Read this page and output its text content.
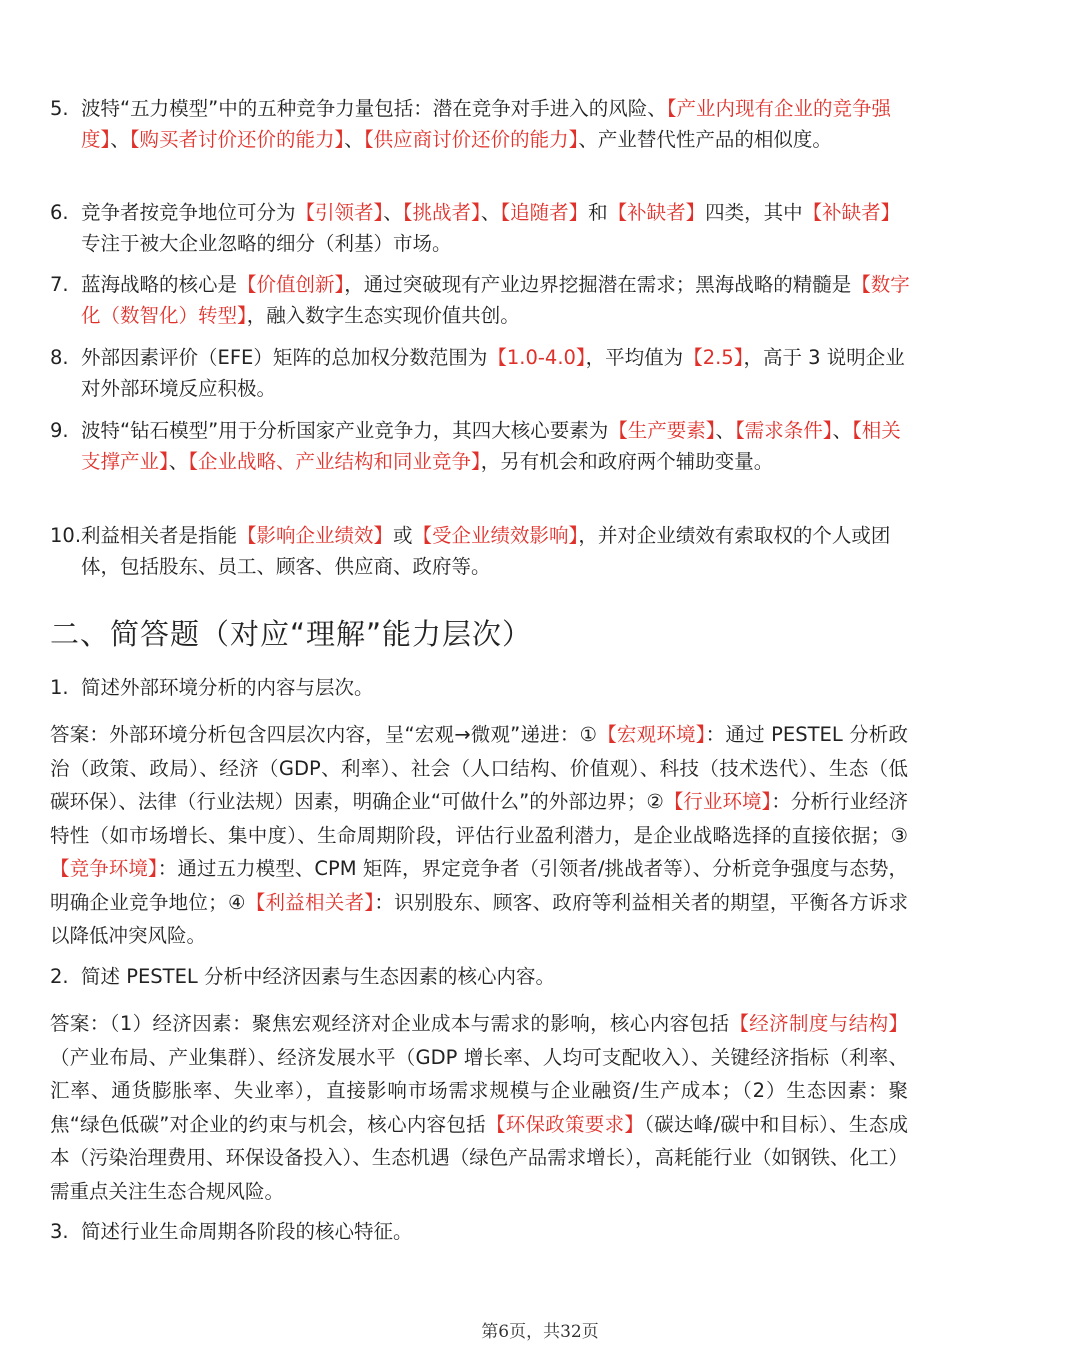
5. 波特“五力模型”中的五种竞争力量包括：潜在竞争对手进入的风险、【产业内现有企业的竞争强度】、【购买者讨价还价的能力】、【供应商讨价还价的能力】、产业替代性产品的相似度。
6. 竞争者按竞争地位可分为【引领者】、【挑战者】、【追随者】和【补缺者】四类，其中【补缺者】专注于被大企业忽略的细分（利基）市场。
7. 蓝海战略的核心是【价值创新】，通过突破现有产业边界挖掘潜在需求；黑海战略的精髓是【数字化（数智化）转型】，融入数字生态实现价值共创。
8. 外部因素评价（EFE）矩阵的总加权分数范围为【1.0-4.0】，平均值为【2.5】，高于 3 说明企业对外部环境反应积极。
9. 波特“钻石模型”用于分析国家产业竞争力，其四大核心要素为【生产要素】、【需求条件】、【相关支撑产业】、【企业战略、产业结构和同业竞争】，另有机会和政府两个辅助变量。
10. 利益相关者是指能【影响企业绩效】或【受企业绩效影响】，并对企业绩效有索取权的个人或团体，包括股东、员工、顾客、供应商、政府等。
二、简答题（对应“理解”能力层次）
1. 简述外部环境分析的内容与层次。
答案：外部环境分析包含四层次内容，呈“宏观→微观”递进：①【宏观环境】：通过 PESTEL 分析政治（政策、政局）、经济（GDP、利率）、社会（人口结构、价值观）、科技（技术迭代）、生态（低碳环保）、法律（行业法规）因素，明确企业“可做什么”的外部边界；②【行业环境】：分析行业经济特性（如市场增长、集中度）、生命周期阶段，评估行业盈利潜力，是企业战略选择的直接依据；③【竞争环境】：通过五力模型、CPM 矩阵，界定竞争者（引领者/挑战者等）、分析竞争强度与态势，明确企业竞争地位；④【利益相关者】：识别股东、顾客、政府等利益相关者的期望，平衡各方诉求以降低冲突风险。
2. 简述 PESTEL 分析中经济因素与生态因素的核心内容。
答案：（1）经济因素：聚焦宏观经济对企业成本与需求的影响，核心内容包括【经济制度与结构】（产业布局、产业集群）、经济发展水平（GDP 增长率、人均可支配收入）、关键经济指标（利率、汇率、通货膨胀率、失业率），直接影响市场需求规模与企业融资/生产成本；（2）生态因素：聚焦“绿色低碳”对企业的约束与机会，核心内容包括【环保政策要求】（碳达峰/碳中和目标）、生态成本（污染治理费用、环保设备投入）、生态机遇（绿色产品需求增长），高耗能行业（如钢铁、化工）需重点关注生态合规风险。
3. 简述行业生命周期各阶段的核心特征。
第6页，共32页
